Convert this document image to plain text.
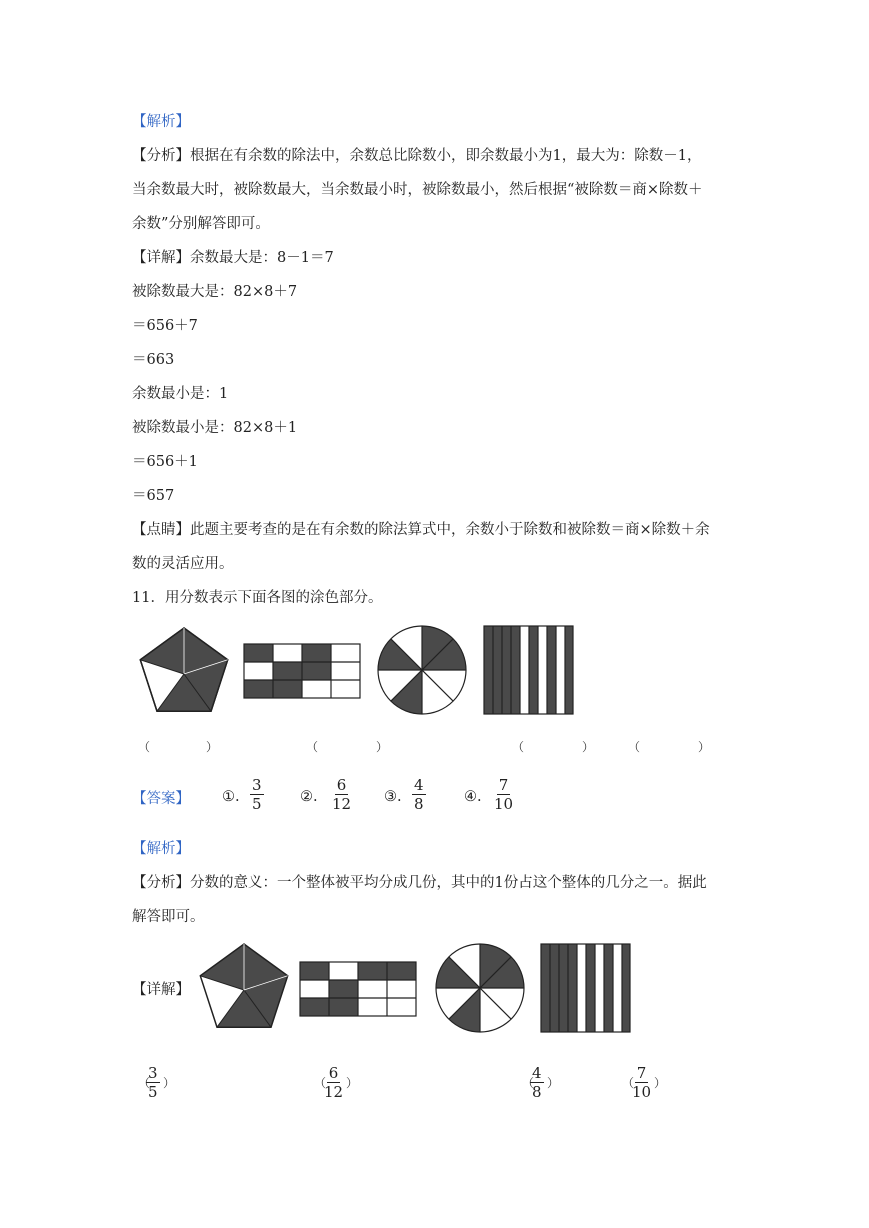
【解析】
【分析】根据在有余数的除法中，余数总比除数小，即余数最小为1，最大为：除数－1，
当余数最大时，被除数最大，当余数最小时，被除数最小，然后根据“被除数＝商×除数＋
余数”分别解答即可。
【详解】余数最大是：8－1＝7
被除数最大是：82×8＋7
＝656＋7
＝663
余数最小是：1
被除数最小是：82×8＋1
＝656＋1
＝657
【点睛】此题主要考查的是在有余数的除法算式中，余数小于除数和被除数＝商×除数＋余
数的灵活应用。
11．用分数表示下面各图的涂色部分。
（	）	（	）	（	）	（	）
【答案】 ①. $\frac{3}{5}$	②. $\frac{6}{12}$ ③. $\frac{4}{8}$	④. $\frac{7}{10}$
【解析】
【分析】分数的意义：一个整体被平均分成几份，其中的1份占这个整体的几分之一。据此
解答即可。
【详解】
（
$\frac{3}{5}$ ）	（
$\frac{6}{12}$ ）	（
$\frac{4}{8}$ ）	（
$\frac{7}{10}$ ）
